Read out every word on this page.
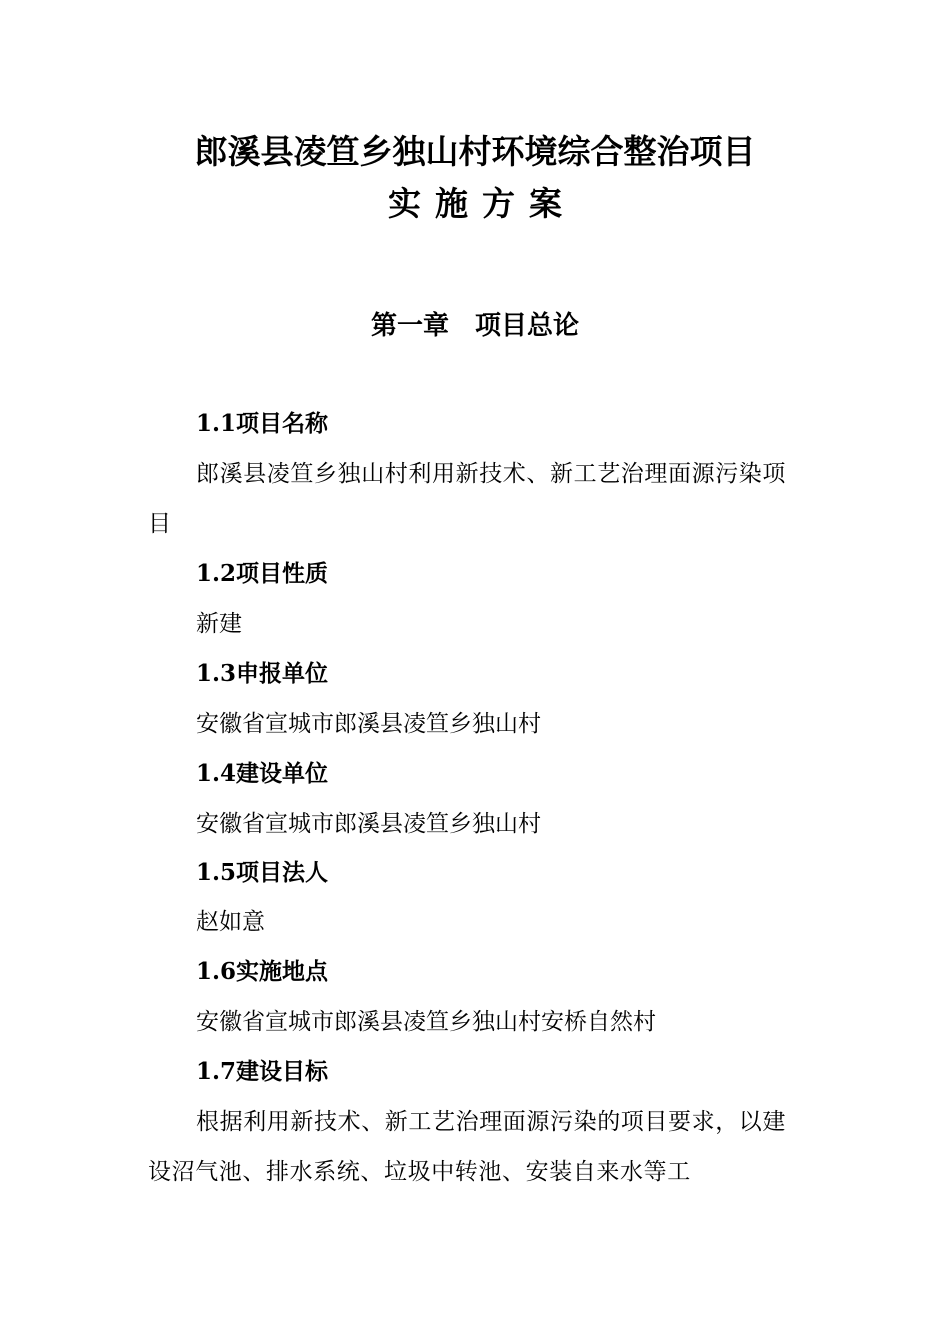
郎溪县凌笪乡独山村环境综合整治项目
实施方案
第一章　项目总论
1.1项目名称
郎溪县凌笪乡独山村利用新技术、新工艺治理面源污染项目
1.2项目性质
新建
1.3申报单位
安徽省宣城市郎溪县凌笪乡独山村
1.4建设单位
安徽省宣城市郎溪县凌笪乡独山村
1.5项目法人
赵如意
1.6实施地点
安徽省宣城市郎溪县凌笪乡独山村安桥自然村
1.7建设目标
根据利用新技术、新工艺治理面源污染的项目要求，以建设沼气池、排水系统、垃圾中转池、安装自来水等工
